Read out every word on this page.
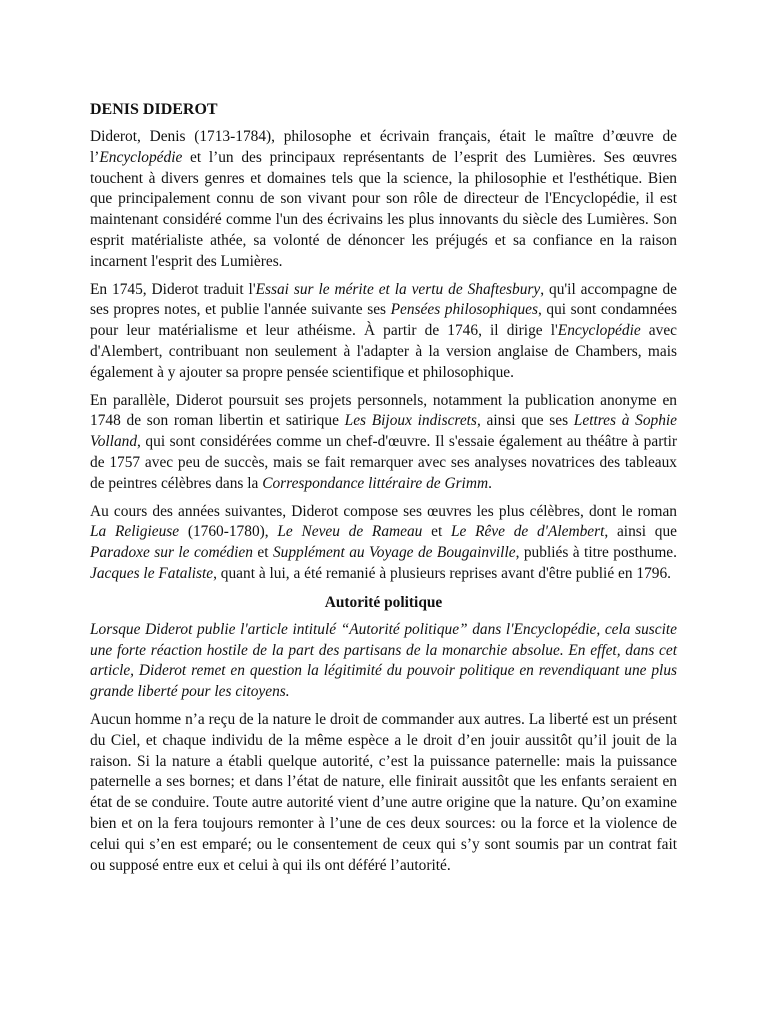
DENIS DIDEROT

Diderot, Denis (1713-1784), philosophe et écrivain français, était le maître d’œuvre de l’Encyclopédie et l’un des principaux représentants de l’esprit des Lumières. Ses œuvres touchent à divers genres et domaines tels que la science, la philosophie et l'esthétique. Bien que principalement connu de son vivant pour son rôle de directeur de l'Encyclopédie, il est maintenant considéré comme l'un des écrivains les plus innovants du siècle des Lumières. Son esprit matérialiste athée, sa volonté de dénoncer les préjugés et sa confiance en la raison incarnent l'esprit des Lumières.

En 1745, Diderot traduit l'Essai sur le mérite et la vertu de Shaftesbury, qu'il accompagne de ses propres notes, et publie l'année suivante ses Pensées philosophiques, qui sont condamnées pour leur matérialisme et leur athéisme. À partir de 1746, il dirige l'Encyclopédie avec d'Alembert, contribuant non seulement à l'adapter à la version anglaise de Chambers, mais également à y ajouter sa propre pensée scientifique et philosophique.

En parallèle, Diderot poursuit ses projets personnels, notamment la publication anonyme en 1748 de son roman libertin et satirique Les Bijoux indiscrets, ainsi que ses Lettres à Sophie Volland, qui sont considérées comme un chef-d'œuvre. Il s'essaie également au théâtre à partir de 1757 avec peu de succès, mais se fait remarquer avec ses analyses novatrices des tableaux de peintres célèbres dans la Correspondance littéraire de Grimm.

Au cours des années suivantes, Diderot compose ses œuvres les plus célèbres, dont le roman La Religieuse (1760-1780), Le Neveu de Rameau et Le Rêve de d'Alembert, ainsi que Paradoxe sur le comédien et Supplément au Voyage de Bougainville, publiés à titre posthume. Jacques le Fataliste, quant à lui, a été remanié à plusieurs reprises avant d'être publié en 1796.

Autorité politique

Lorsque Diderot publie l'article intitulé “Autorité politique” dans l'Encyclopédie, cela suscite une forte réaction hostile de la part des partisans de la monarchie absolue. En effet, dans cet article, Diderot remet en question la légitimité du pouvoir politique en revendiquant une plus grande liberté pour les citoyens.

Aucun homme n’a reçu de la nature le droit de commander aux autres. La liberté est un présent du Ciel, et chaque individu de la même espèce a le droit d’en jouir aussitôt qu’il jouit de la raison. Si la nature a établi quelque autorité, c’est la puissance paternelle: mais la puissance paternelle a ses bornes; et dans l’état de nature, elle finirait aussitôt que les enfants seraient en état de se conduire. Toute autre autorité vient d’une autre origine que la nature. Qu’on examine bien et on la fera toujours remonter à l’une de ces deux sources: ou la force et la violence de celui qui s’en est emparé; ou le consentement de ceux qui s’y sont soumis par un contrat fait ou supposé entre eux et celui à qui ils ont déféré l’autorité.
